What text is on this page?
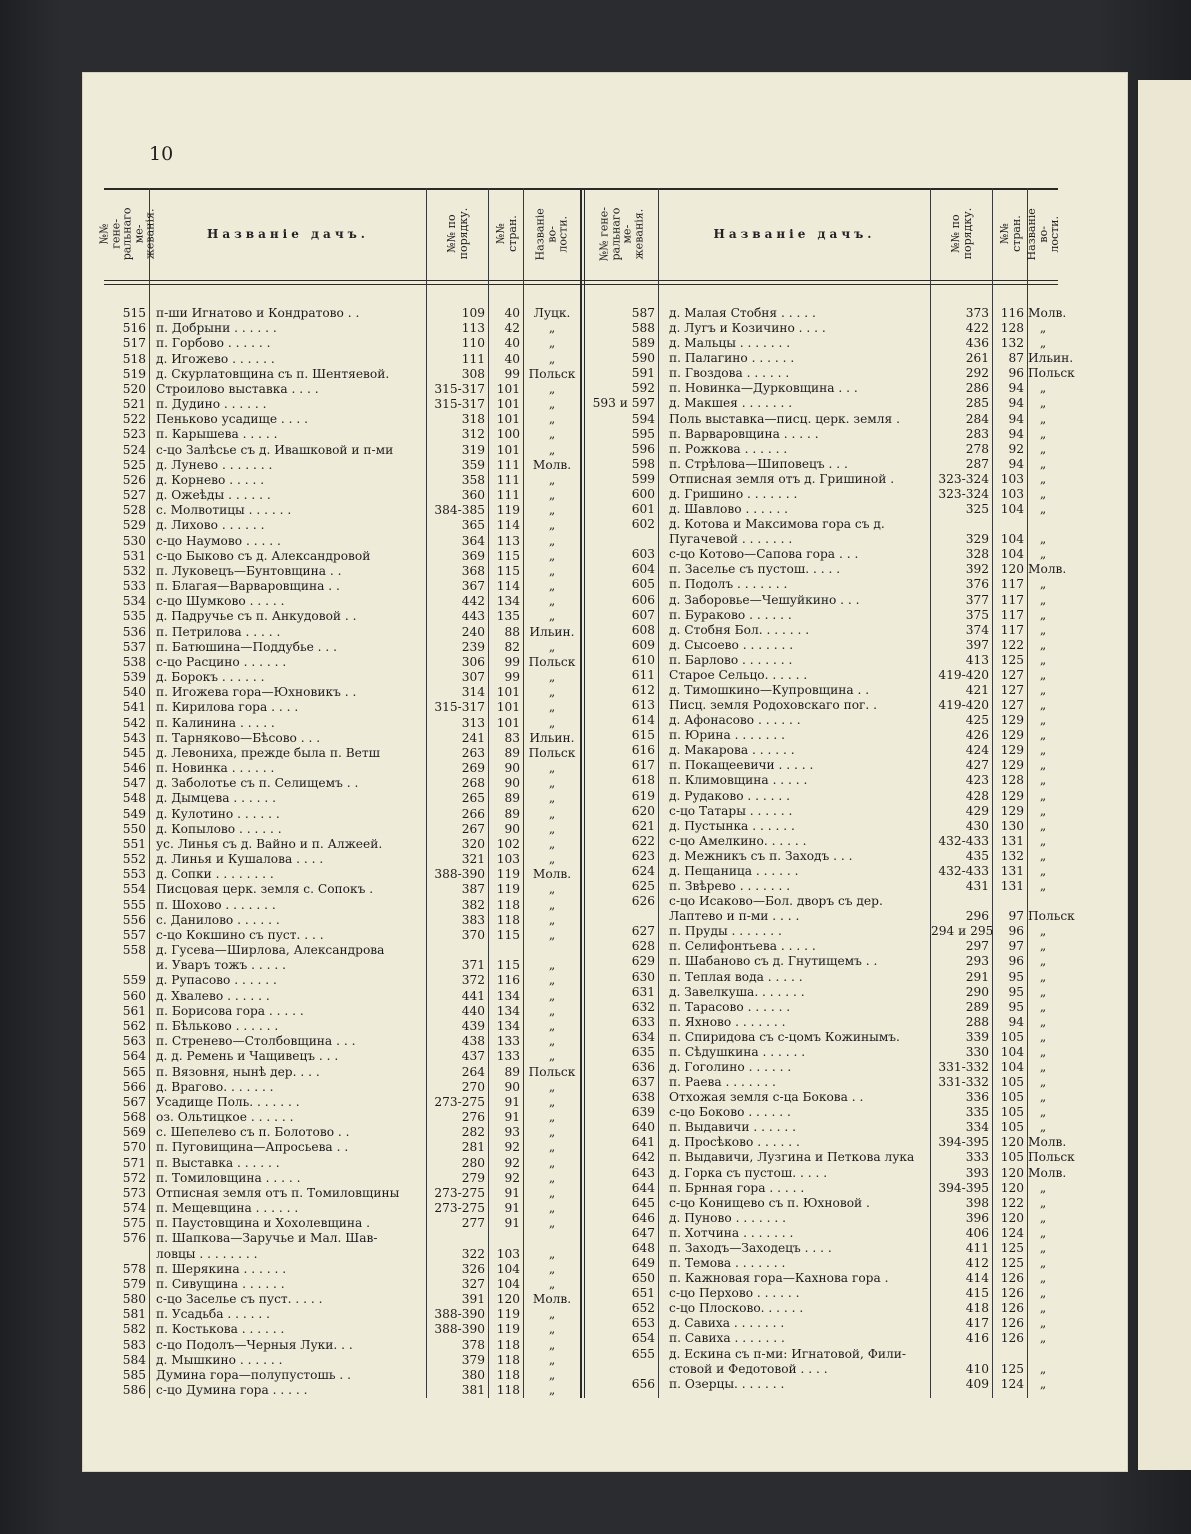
10
№№ гене-
ральнаго ме-
жеванія.	Названіе дачъ.	№№ по
порядку. №№ стран. Названіе во-
лости.	№№ гене-
ральнаго ме-
жеванія.	Названіе дачъ.	№№ по
порядку. №№ стран. Названіе во-
лости.
515 п-ши Игнатово и Кондратово . .	109	40	Луцк.
516 п. Добрыни . . . . . .	113	42	„
517 п. Горбово . . . . . .	110	40	„
518 д. Игожево . . . . . .	111	40	„
519 д. Скурлатовщина съ п. Шентяевой.	308	99 Польск
520 Строилово выставка . . . .	315-317 101	„
521 п. Дудино . . . . . .	315-317 101	„
522 Пеньково усадище . . . .	318 101	„
523 п. Карышева . . . . .	312 100	„
524 с-цо Залѣсье съ д. Ивашковой и п-ми	319 101	„
525 д. Лунево . . . . . . .	359 111	Молв.
526 д. Корнево . . . . .	358 111	„
527 д. Ожеѣды . . . . . .	360 111	„
528 с. Молвотицы . . . . . .	384-385 119	„
529 д. Лихово . . . . . .	365 114	„
530 с-цо Наумово . . . . .	364 113	„
531 с-цо Быково съ д. Александровой	369 115	„
532 п. Луковецъ—Бунтовщина . .	368 115	„
533 п. Благая—Варваровщина . .	367 114	„
534 с-цо Шумково . . . . .	442 134	„
535 д. Падручье съ п. Анкудовой . .	443 135	„
536 п. Петрилова . . . . .	240	88 Ильин.
537 п. Батюшина—Поддубье . . .	239	82	„
538 с-цо Расцино . . . . . .	306	99 Польск
539 д. Борокъ . . . . . .	307	99	„
540 п. Игожева гора—Юхновикъ . .	314 101	„
541 п. Кирилова гора . . . .	315-317 101	„
542 п. Калинина . . . . .	313 101	„
543 п. Тарняково—Бѣсово . . .	241	83 Ильин.
545 д. Левониха, прежде была п. Ветш	263	89 Польск
546 п. Новинка . . . . . .	269	90	„
547 д. Заболотье съ п. Селищемъ . .	268	90	„
548 д. Дымцева . . . . . .	265	89	„
549 д. Кулотино . . . . . .	266	89	„
550 д. Копылово . . . . . .	267	90	„
551 ус. Линья съ д. Вайно и п. Алжеей.	320 102	„
552 д. Линья и Кушалова . . . .	321 103	„
553 д. Сопки . . . . . . . .	388-390 119	Молв.
554 Писцовая церк. земля с. Сопокъ .	387 119	„
555 п. Шохово . . . . . . .	382 118	„
556 с. Данилово . . . . . .	383 118	„
557 с-цо Кокшино съ пуст. . . .	370 115	„
558 д. Гусева—Ширлова, Александрова
и. Уваръ тожъ . . . . .	371 115	„
559 д. Рупасово . . . . . .	372 116	„
560 д. Хвалево . . . . . .	441 134	„
561 п. Борисова гора . . . . .	440 134	„
562 п. Бѣльково . . . . . .	439 134	„
563 п. Стренево—Столбовщина . . .	438 133	„
564 д. д. Ремень и Чащивецъ . . .	437 133	„
565 п. Вязовня, нынѣ дер. . . .	264	89 Польск
566 д. Врагово. . . . . . .	270	90	„
567 Усадище Поль. . . . . . .	273-275	91	„
568 оз. Ольтицкое . . . . . .	276	91	„
569 с. Шепелево съ п. Болотово . .	282	93	„
570 п. Пуговищина—Апросьева . .	281	92	„
571 п. Выставка . . . . . .	280	92	„
572 п. Томиловщина . . . . .	279	92	„
573 Отписная земля отъ п. Томиловщины	273-275	91	„
574 п. Мещевщина . . . . . .	273-275	91	„
575 п. Паустовщина и Хохолевщина .	277	91	„
576 п. Шапкова—Заручье и Мал. Шав-
ловцы . . . . . . . .	322 103	„
578 п. Шерякина . . . . . .	326 104	„
579 п. Сивущина . . . . . .	327 104	„
580 с-цо Заселье съ пуст. . . . .	391 120	Молв.
581 п. Усадьба . . . . . .	388-390 119	„
582 п. Костькова . . . . . .	388-390 119	„
583 с-цо Подолъ—Черныя Луки. . .	378 118	„
584 д. Мышкино . . . . . .	379 118	„
585 Думина гора—полупустошь . .	380 118	„
586 с-цо Думина гора . . . . .	381 118	„
587 д. Малая Стобня . . . . .	373 116 Молв.
588 д. Лугъ и Козичино . . . .	422 128	„
589 д. Мальцы . . . . . . .	436 132	„
590 п. Палагино . . . . . .	261	87 Ильин.
591 п. Гвоздова . . . . . .	292	96 Польск
592 п. Новинка—Дурковщина . . .	286	94	„
593 и 597 д. Макшея . . . . . . .	285	94	„
594 Поль выставка—писц. церк. земля .	284	94	„
595 п. Варваровщина . . . . .	283	94	„
596 п. Рожкова . . . . . .	278	92	„
598 п. Стрѣлова—Шиповецъ . . .	287	94	„
599 Отписная земля отъ д. Гришиной .	323-324 103	„
600 д. Гришино . . . . . . .	323-324 103	„
601 д. Шавлово . . . . . .	325 104	„
602 д. Котова и Максимова гора съ д.
Пугачевой . . . . . . .	329 104	„
603 с-цо Котово—Сапова гора . . .	328 104	„
604 п. Заселье съ пустош. . . . .	392 120 Молв.
605 п. Подолъ . . . . . . .	376 117	„
606 д. Заборовье—Чешуйкино . . .	377 117	„
607 п. Бураково . . . . . .	375 117	„
608 д. Стобня Бол. . . . . . .	374 117	„
609 д. Сысоево . . . . . . .	397 122	„
610 п. Барлово . . . . . . .	413 125	„
611 Старое Сельцо. . . . . .	419-420 127	„
612 д. Тимошкино—Купровщина . .	421 127	„
613 Писц. земля Родоховскаго пог. .	419-420 127	„
614 д. Афонасово . . . . . .	425 129	„
615 п. Юрина . . . . . . .	426 129	„
616 д. Макарова . . . . . .	424 129	„
617 п. Покащеевичи . . . . .	427 129	„
618 п. Климовщина . . . . .	423 128	„
619 д. Рудаково . . . . . .	428 129	„
620 с-цо Татары . . . . . .	429 129	„
621 д. Пустынка . . . . . .	430 130	„
622 с-цо Амелкино. . . . . .	432-433 131	„
623 д. Межникъ съ п. Заходъ . . .	435 132	„
624 д. Пещаница . . . . . .	432-433 131	„
625 п. Звѣрево . . . . . . .	431 131	„
626 с-цо Исаково—Бол. дворъ съ дер.
Лаптево и п-ми . . . .	296	97 Польск
627 п. Пруды . . . . . . .	294 и 295	96	„
628 п. Селифонтьева . . . . .	297	97	„
629 п. Шабаново съ д. Гнутищемъ . .	293	96	„
630 п. Теплая вода . . . . .	291	95	„
631 д. Завелкуша. . . . . . .	290	95	„
632 п. Тарасово . . . . . .	289	95	„
633 п. Яхново . . . . . . .	288	94	„
634 п. Спиридова съ с-цомъ Кожинымъ.	339 105	„
635 п. Сѣдушкина . . . . . .	330 104	„
636 д. Гоголино . . . . . .	331-332 104	„
637 п. Раева . . . . . . .	331-332 105	„
638 Отхожая земля с-ца Бокова . .	336 105	„
639 с-цо Боково . . . . . .	335 105	„
640 п. Выдавичи . . . . . .	334 105	„
641 д. Просѣково . . . . . .	394-395 120 Молв.
642 п. Выдавичи, Лузгина и Петкова лука	333 105 Польск
643 д. Горка съ пустош. . . . .	393 120 Молв.
644 п. Брнная гора . . . . .	394-395 120	„
645 с-цо Конищево съ п. Юхновой .	398 122	„
646 д. Пуново . . . . . . .	396 120	„
647 п. Хотчина . . . . . . .	406 124	„
648 п. Заходъ—Заходецъ . . . .	411 125	„
649 п. Темова . . . . . . .	412 125	„
650 п. Кажновая гора—Кахнова гора .	414 126	„
651 с-цо Перхово . . . . . .	415 126	„
652 с-цо Плосково. . . . . .	418 126	„
653 д. Савиха . . . . . . .	417 126	„
654 п. Савиха . . . . . . .	416 126	„
655 д. Ескина съ п-ми: Игнатовой, Фили-
стовой и Федотовой . . . .	410 125	„
656 п. Озерцы. . . . . . .	409 124	„
